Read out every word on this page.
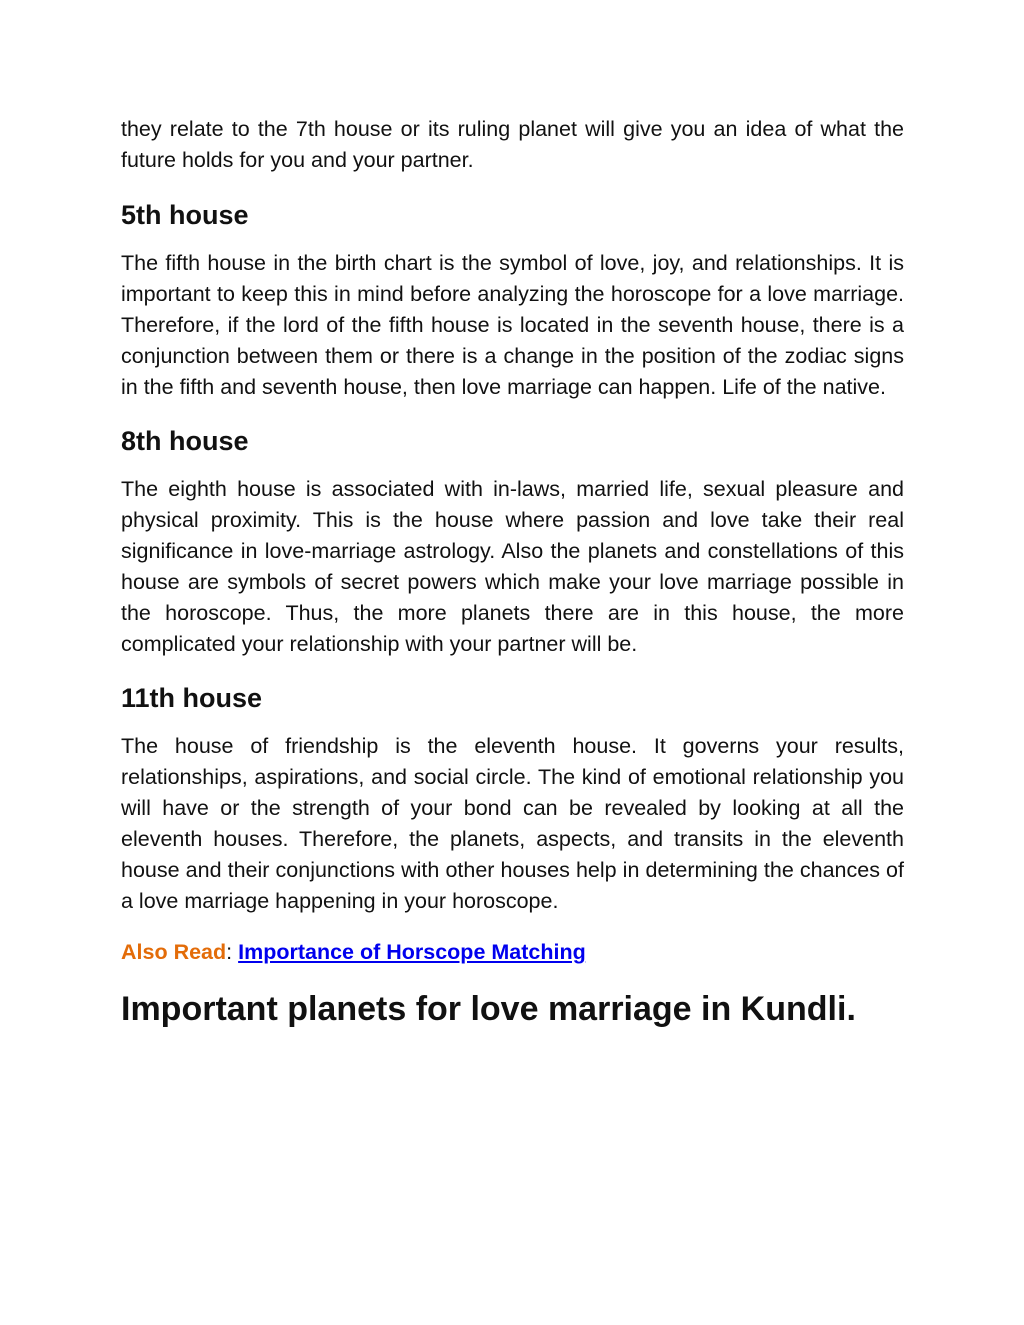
they relate to the 7th house or its ruling planet will give you an idea of what the future holds for you and your partner.

5th house

The fifth house in the birth chart is the symbol of love, joy, and relationships. It is important to keep this in mind before analyzing the horoscope for a love marriage. Therefore, if the lord of the fifth house is located in the seventh house, there is a conjunction between them or there is a change in the position of the zodiac signs in the fifth and seventh house, then love marriage can happen. Life of the native.

8th house

The eighth house is associated with in-laws, married life, sexual pleasure and physical proximity. This is the house where passion and love take their real significance in love-marriage astrology. Also the planets and constellations of this house are symbols of secret powers which make your love marriage possible in the horoscope. Thus, the more planets there are in this house, the more complicated your relationship with your partner will be.

11th house

The house of friendship is the eleventh house. It governs your results, relationships, aspirations, and social circle. The kind of emotional relationship you will have or the strength of your bond can be revealed by looking at all the eleventh houses. Therefore, the planets, aspects, and transits in the eleventh house and their conjunctions with other houses help in determining the chances of a love marriage happening in your horoscope.

Also Read: Importance of Horscope Matching

Important planets for love marriage in Kundli.
